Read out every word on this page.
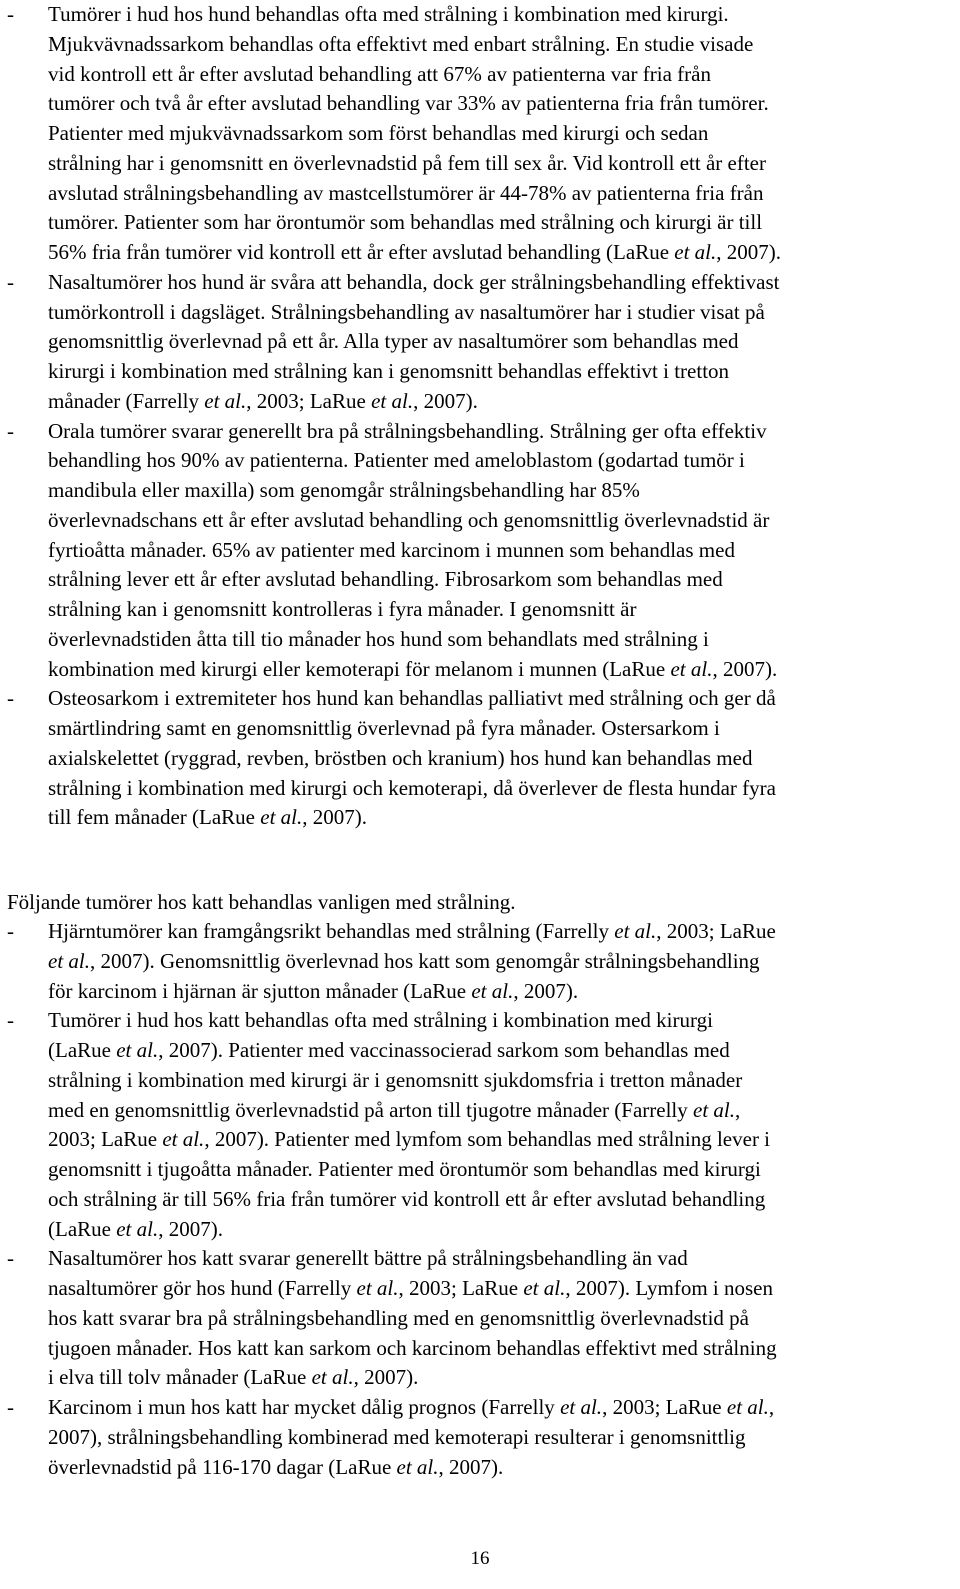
- Tumörer i hud hos hund behandlas ofta med strålning i kombination med kirurgi.
Mjukvävnadssarkom behandlas ofta effektivt med enbart strålning. En studie visade
vid kontroll ett år efter avslutad behandling att 67% av patienterna var fria från
tumörer och två år efter avslutad behandling var 33% av patienterna fria från tumörer.
Patienter med mjukvävnadssarkom som först behandlas med kirurgi och sedan
strålning har i genomsnitt en överlevnadstid på fem till sex år. Vid kontroll ett år efter
avslutad strålningsbehandling av mastcellstumörer är 44-78% av patienterna fria från
tumörer. Patienter som har örontumör som behandlas med strålning och kirurgi är till
56% fria från tumörer vid kontroll ett år efter avslutad behandling (LaRue et al., 2007).
- Nasaltumörer hos hund är svåra att behandla, dock ger strålningsbehandling effektivast
tumörkontroll i dagsläget. Strålningsbehandling av nasaltumörer har i studier visat på
genomsnittlig överlevnad på ett år. Alla typer av nasaltumörer som behandlas med
kirurgi i kombination med strålning kan i genomsnitt behandlas effektivt i tretton
månader (Farrelly et al., 2003; LaRue et al., 2007).
- Orala tumörer svarar generellt bra på strålningsbehandling. Strålning ger ofta effektiv
behandling hos 90% av patienterna. Patienter med ameloblastom (godartad tumör i
mandibula eller maxilla) som genomgår strålningsbehandling har 85%
överlevnadschans ett år efter avslutad behandling och genomsnittlig överlevnadstid är
fyrtioåtta månader. 65% av patienter med karcinom i munnen som behandlas med
strålning lever ett år efter avslutad behandling. Fibrosarkom som behandlas med
strålning kan i genomsnitt kontrolleras i fyra månader. I genomsnitt är
överlevnadstiden åtta till tio månader hos hund som behandlats med strålning i
kombination med kirurgi eller kemoterapi för melanom i munnen (LaRue et al., 2007).
- Osteosarkom i extremiteter hos hund kan behandlas palliativt med strålning och ger då
smärtlindring samt en genomsnittlig överlevnad på fyra månader. Ostersarkom i
axialskelettet (ryggrad, revben, bröstben och kranium) hos hund kan behandlas med
strålning i kombination med kirurgi och kemoterapi, då överlever de flesta hundar fyra
till fem månader (LaRue et al., 2007).
Följande tumörer hos katt behandlas vanligen med strålning.
- Hjärntumörer kan framgångsrikt behandlas med strålning (Farrelly et al., 2003; LaRue
et al., 2007). Genomsnittlig överlevnad hos katt som genomgår strålningsbehandling
för karcinom i hjärnan är sjutton månader (LaRue et al., 2007).
- Tumörer i hud hos katt behandlas ofta med strålning i kombination med kirurgi
(LaRue et al., 2007). Patienter med vaccinassocierad sarkom som behandlas med
strålning i kombination med kirurgi är i genomsnitt sjukdomsfria i tretton månader
med en genomsnittlig överlevnadstid på arton till tjugotre månader (Farrelly et al.,
2003; LaRue et al., 2007). Patienter med lymfom som behandlas med strålning lever i
genomsnitt i tjugoåtta månader. Patienter med örontumör som behandlas med kirurgi
och strålning är till 56% fria från tumörer vid kontroll ett år efter avslutad behandling
(LaRue et al., 2007).
- Nasaltumörer hos katt svarar generellt bättre på strålningsbehandling än vad
nasaltumörer gör hos hund (Farrelly et al., 2003; LaRue et al., 2007). Lymfom i nosen
hos katt svarar bra på strålningsbehandling med en genomsnittlig överlevnadstid på
tjugoen månader. Hos katt kan sarkom och karcinom behandlas effektivt med strålning
i elva till tolv månader (LaRue et al., 2007).
- Karcinom i mun hos katt har mycket dålig prognos (Farrelly et al., 2003; LaRue et al.,
2007), strålningsbehandling kombinerad med kemoterapi resulterar i genomsnittlig
överlevnadstid på 116-170 dagar (LaRue et al., 2007).
16
